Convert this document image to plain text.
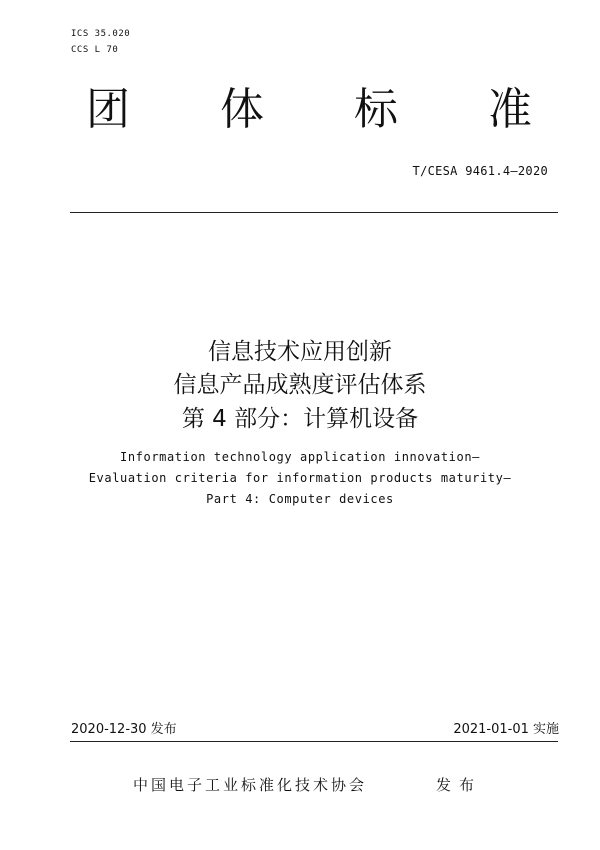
ICS 35.020
CCS L 70
团 体 标 准
T/CESA 9461.4—2020
信息技术应用创新
信息产品成熟度评估体系
第 4 部分：计算机设备
Information technology application innovation—
Evaluation criteria for information products maturity—
Part 4: Computer devices
2020-12-30 发布	2021-01-01 实施
中国电子工业标准化技术协会	发布
